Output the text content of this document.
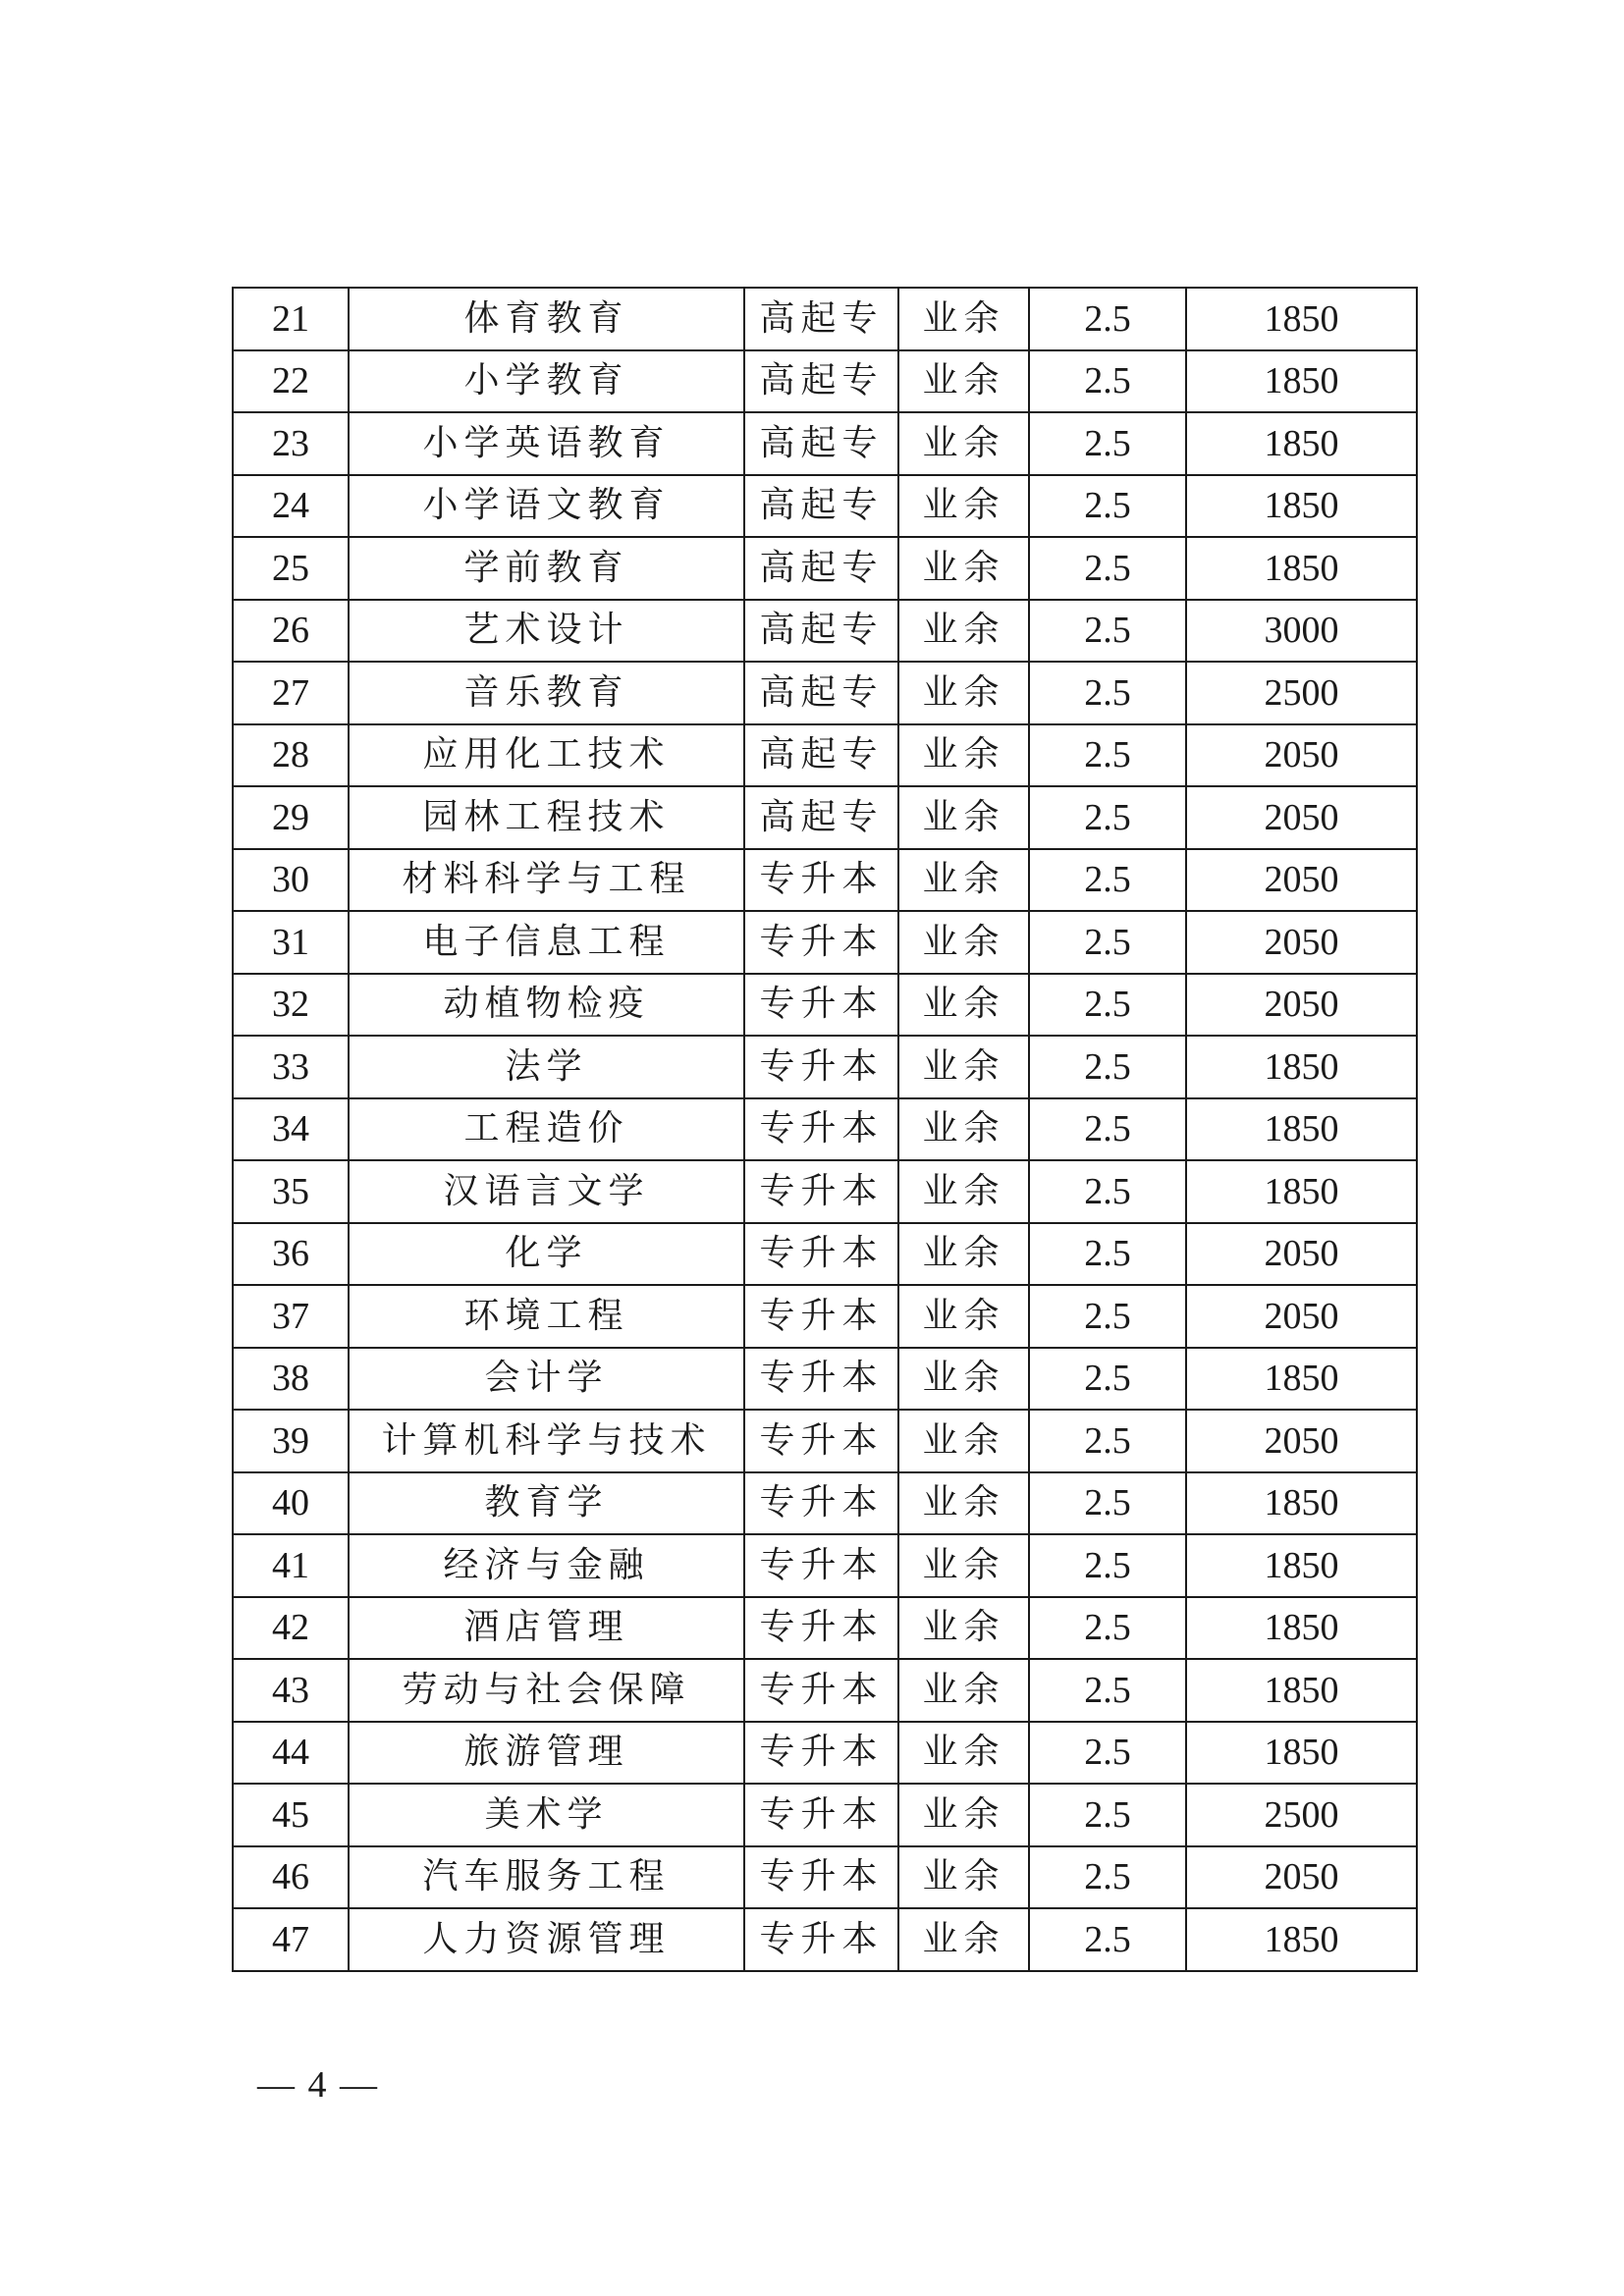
21	体育教育	高起专	业余	2.5	1850
22	小学教育	高起专	业余	2.5	1850
23	小学英语教育	高起专	业余	2.5	1850
24	小学语文教育	高起专	业余	2.5	1850
25	学前教育	高起专	业余	2.5	1850
26	艺术设计	高起专	业余	2.5	3000
27	音乐教育	高起专	业余	2.5	2500
28	应用化工技术	高起专	业余	2.5	2050
29	园林工程技术	高起专	业余	2.5	2050
30	材料科学与工程	专升本	业余	2.5	2050
31	电子信息工程	专升本	业余	2.5	2050
32	动植物检疫	专升本	业余	2.5	2050
33	法学	专升本	业余	2.5	1850
34	工程造价	专升本	业余	2.5	1850
35	汉语言文学	专升本	业余	2.5	1850
36	化学	专升本	业余	2.5	2050
37	环境工程	专升本	业余	2.5	2050
38	会计学	专升本	业余	2.5	1850
39	计算机科学与技术	专升本	业余	2.5	2050
40	教育学	专升本	业余	2.5	1850
41	经济与金融	专升本	业余	2.5	1850
42	酒店管理	专升本	业余	2.5	1850
43	劳动与社会保障	专升本	业余	2.5	1850
44	旅游管理	专升本	业余	2.5	1850
45	美术学	专升本	业余	2.5	2500
46	汽车服务工程	专升本	业余	2.5	2050
47	人力资源管理	专升本	业余	2.5	1850
— 4 —
